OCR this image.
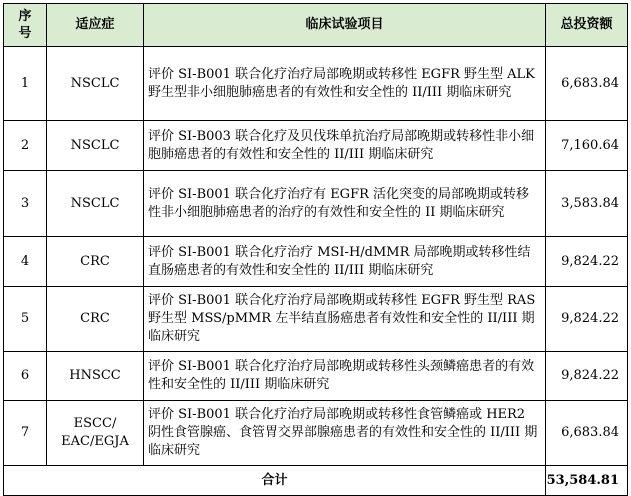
序
号	适应症	临床试验项目	总投资额
1	NSCLC	评价 SI-B001 联合化疗治疗局部晚期或转移性 EGFR 野生型 ALK 野生型非小细胞肺癌患者的有效性和安全性的 II/III 期临床研究	6,683.84
2	NSCLC	评价 SI-B003 联合化疗及贝伐珠单抗治疗局部晚期或转移性非小细胞肺癌患者的有效性和安全性的 II/III 期临床研究	7,160.64
3	NSCLC	评价 SI-B001 联合化疗治疗有 EGFR 活化突变的局部晚期或转移性非小细胞肺癌患者的治疗的有效性和安全性的 II 期临床研究	3,583.84
4	CRC	评价 SI-B001 联合化疗治疗 MSI-H/dMMR 局部晚期或转移性结直肠癌患者的有效性和安全性的 II/III 期临床研究	9,824.22
5	CRC	评价 SI-B001 联合化疗治疗局部晚期或转移性 EGFR 野生型 RAS 野生型 MSS/pMMR 左半结直肠癌患者有效性和安全性的 II/III 期临床研究	9,824.22
6	HNSCC	评价 SI-B001 联合化疗治疗局部晚期或转移性头颈鳞癌患者的有效性和安全性的 II/III 期临床研究	9,824.22
7	ESCC/ EAC/EGJA	评价 SI-B001 联合化疗治疗局部晚期或转移性食管鳞癌或 HER2 阴性食管腺癌、食管胃交界部腺癌患者的有效性和安全性的 II/III 期临床研究	6,683.84
合计			53,584.81
